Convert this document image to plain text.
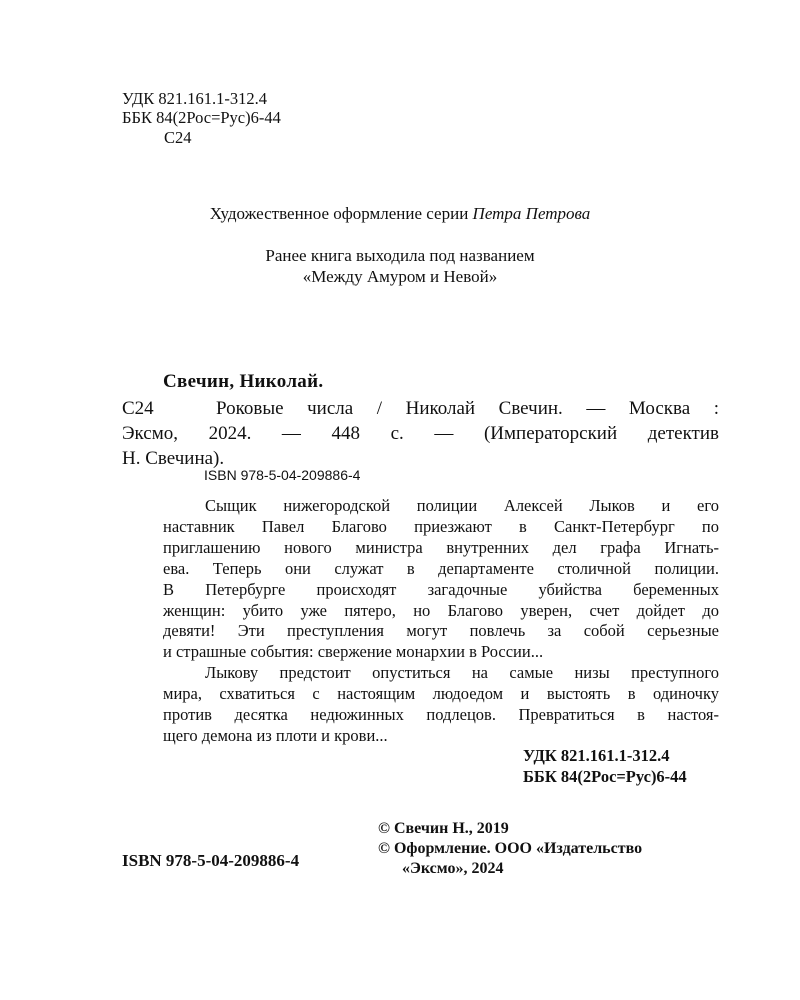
УДК 821.161.1-312.4
ББК 84(2Рос=Рус)6-44
С24
Художественное оформление серии Петра Петрова
Ранее книга выходила под названием
«Между Амуром и Невой»
Свечин, Николай.
С24	Роковые числа / Николай Свечин. — Москва :
Эксмо, 2024. — 448 с. — (Императорский детектив
Н. Свечина).
ISBN 978-5-04-209886-4
Сыщик нижегородской полиции Алексей Лыков и его
наставник Павел Благово приезжают в Санкт-Петербург по
приглашению нового министра внутренних дел графа Игнать-
ева. Теперь они служат в департаменте столичной полиции.
В Петербурге происходят загадочные убийства беременных
женщин: убито уже пятеро, но Благово уверен, счет дойдет до
девяти! Эти преступления могут повлечь за собой серьезные
и страшные события: свержение монархии в России...
Лыкову предстоит опуститься на самые низы преступного
мира, схватиться с настоящим людоедом и выстоять в одиночку
против десятка недюжинных подлецов. Превратиться в настоя-
щего демона из плоти и крови...
УДК 821.161.1-312.4
ББК 84(2Рос=Рус)6-44
ISBN 978-5-04-209886-4
© Свечин Н., 2019
© Оформление. ООО «Издательство
«Эксмо», 2024
